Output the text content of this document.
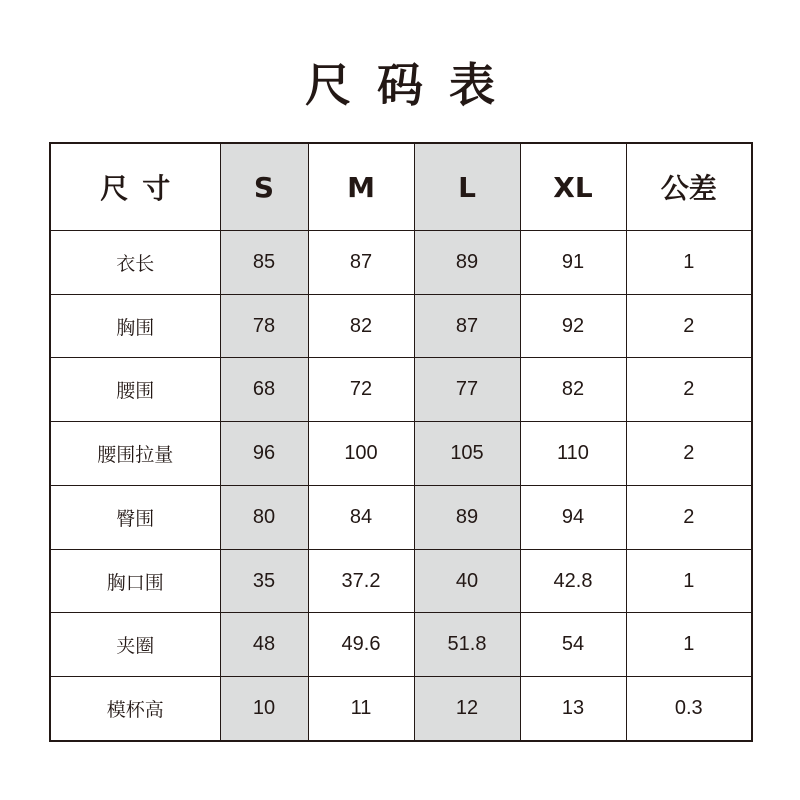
尺码表
尺寸	S	M	L	XL	公差
衣长	85	87	89	91	1
胸围	78	82	87	92	2
腰围	68	72	77	82	2
腰围拉量	96	100	105	110	2
臀围	80	84	89	94	2
胸口围	35	37.2	40	42.8	1
夹圈	48	49.6	51.8	54	1
模杯高	10	11	12	13	0.3
